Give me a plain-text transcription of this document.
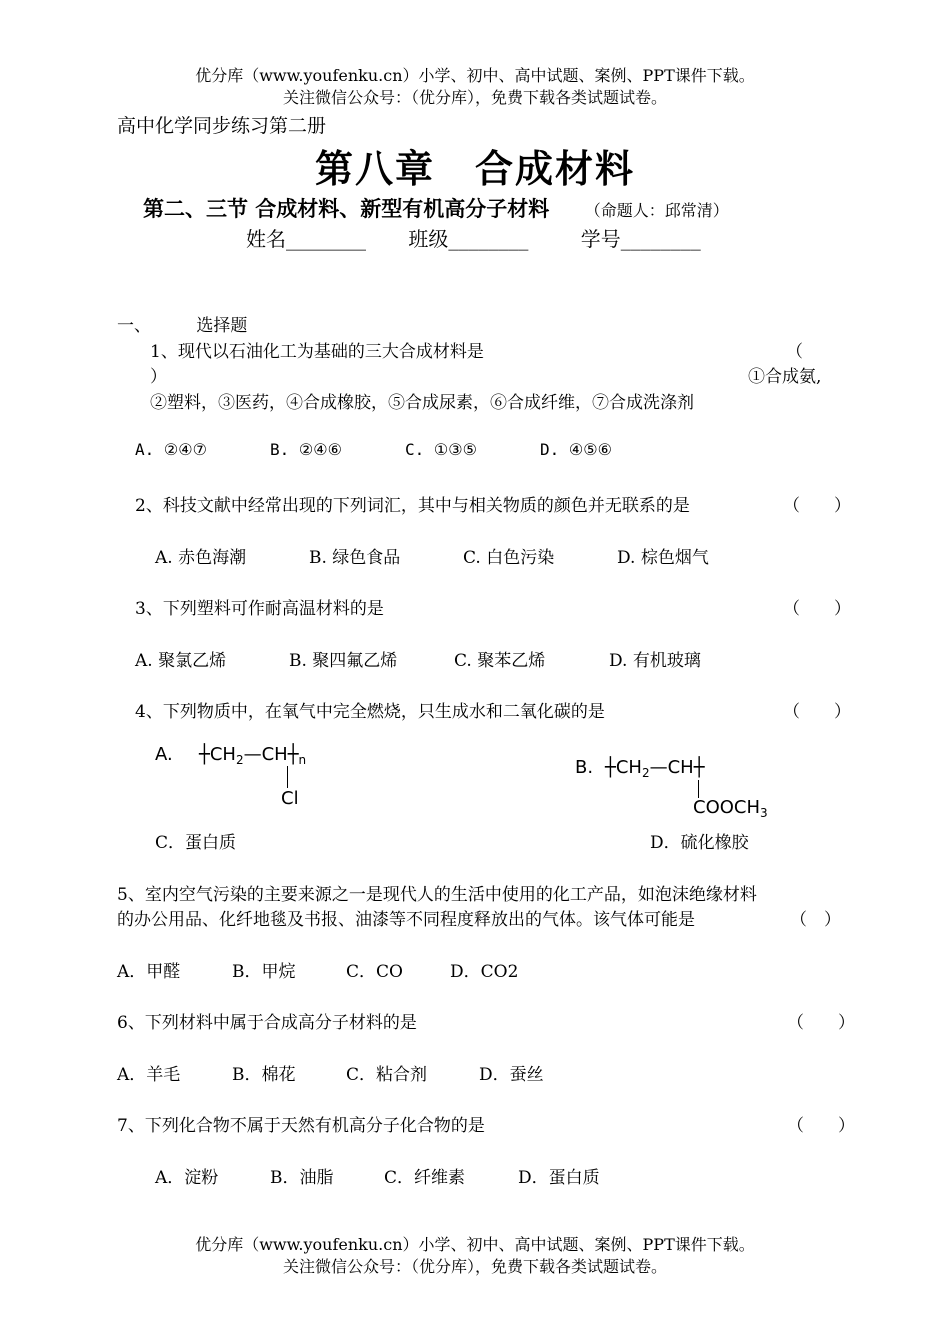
优分库（www.youfenku.cn）小学、初中、高中试题、案例、PPT课件下载。
关注微信公众号：（优分库），免费下载各类试题试卷。
高中化学同步练习第二册
第八章　合成材料
第二、三节 合成材料、新型有机高分子材料 （命题人：邱常清）
姓名________ 班级________	学号________
一、	选择题
1、现代以石油化工为基础的三大合成材料是	（
）	①合成氨,
②塑料，③医药，④合成橡胶，⑤合成尿素，⑥合成纤维，⑦合成洗涤剂
A. ②④⑦	B. ②④⑥	C. ①③⑤	D. ④⑤⑥
2、科技文献中经常出现的下列词汇，其中与相关物质的颜色并无联系的是	（　　）
A. 赤色海潮	B. 绿色食品	C. 白色污染	D. 棕色烟气
3、下列塑料可作耐高温材料的是	（　　）
A. 聚氯乙烯	B. 聚四氟乙烯	C. 聚苯乙烯	D. 有机玻璃
4、下列物质中，在氧气中完全燃烧，只生成水和二氧化碳的是	（　　）
A. $┼CH_2—CH┼_n$
Cl
B. $┼CH_2—CH┼$
$COOCH_3$
C．蛋白质	D．硫化橡胶
5、室内空气污染的主要来源之一是现代人的生活中使用的化工产品，如泡沫绝缘材料
的办公用品、化纤地毯及书报、油漆等不同程度释放出的气体。该气体可能是	（　）
A．甲醛	B．甲烷	C．CO	D．CO2
6、下列材料中属于合成高分子材料的是	（　　）
A．羊毛	B．棉花	C．粘合剂	D．蚕丝
7、下列化合物不属于天然有机高分子化合物的是	（　　）
A．淀粉	B．油脂	C．纤维素	D．蛋白质
优分库（www.youfenku.cn）小学、初中、高中试题、案例、PPT课件下载。
关注微信公众号：（优分库），免费下载各类试题试卷。
